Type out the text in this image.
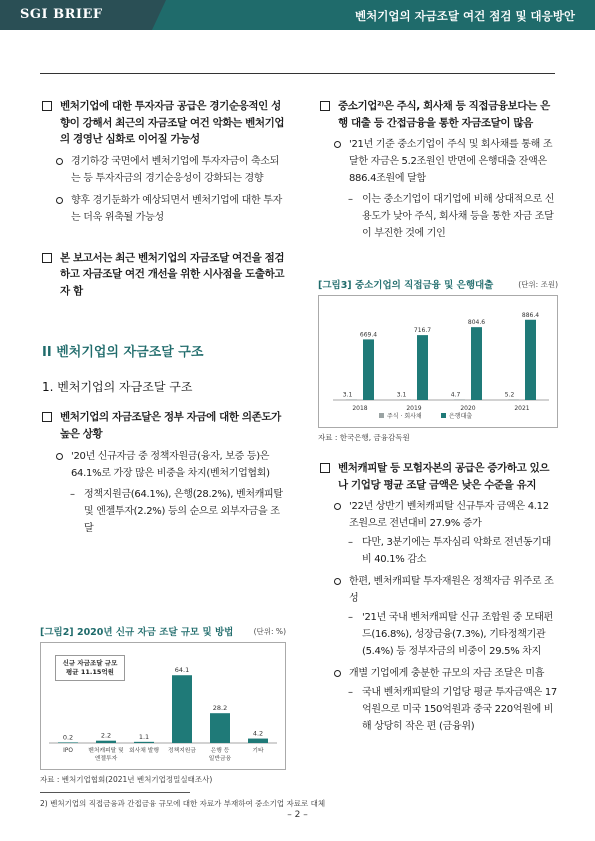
SGI BRIEF	벤처기업의 자금조달 여건 점검 및 대응방안
벤처기업에 대한 투자자금 공급은 경기순응적인 성향이 강해서 최근의 자금조달 여건 악화는 벤처기업의 경영난 심화로 이어질 가능성
경기하강 국면에서 벤처기업에 투자자금이 축소되는 등 투자자금의 경기순응성이 강화되는 경향
향후 경기둔화가 예상되면서 벤처기업에 대한 투자는 더욱 위축될 가능성
본 보고서는 최근 벤처기업의 자금조달 여건을 점검하고 자금조달 여건 개선을 위한 시사점을 도출하고자 함
II 벤처기업의 자금조달 구조
1. 벤처기업의 자금조달 구조
벤처기업의 자금조달은 정부 자금에 대한 의존도가 높은 상황
'20년 신규자금 중 정책자원금(융자, 보증 등)은 64.1%로 가장 많은 비중을 차지(벤처기업협회)
– 정책지원금(64.1%), 은행(28.2%), 벤처캐피탈 및 엔젤투자(2.2%) 등의 순으로 외부자금을 조달
[그림2] 2020년 신규 자금 조달 규모 및 방법	(단위: %)
0.2
IPO
2.2
벤처캐피탈 및
엔젤투자
1.1
회사채 발행
64.1
정책지원금
28.2
은행 등
일반금융
4.2
기타
신규 자금조달 규모
평균 11.15억원
자료 : 벤처기업협회(2021년 벤처기업정밀실태조사)
중소기업²⁾은 주식, 회사채 등 직접금융보다는 은행 대출 등 간접금융을 통한 자금조달이 많음
'21년 기준 중소기업이 주식 및 회사채를 통해 조달한 자금은 5.2조원인 반면에 은행대출 잔액은 886.4조원에 달함
– 이는 중소기업이 대기업에 비해 상대적으로 신용도가 낮아 주식, 회사채 등을 통한 자금 조달이 부진한 것에 기인
[그림3] 중소기업의 직접금융 및 은행대출	(단위: 조원)
3.1
669.4
2018
3.1
716.7
2019
4.7
804.6
2020
5.2
886.4
2021
주식 · 회사채	은행대출
자료 : 한국은행, 금융감독원
벤처캐피탈 등 모험자본의 공급은 증가하고 있으나 기업당 평균 조달 금액은 낮은 수준을 유지
'22년 상반기 벤처캐피탈 신규투자 금액은 4.12조원으로 전년대비 27.9% 증가
– 다만, 3분기에는 투자심리 악화로 전년동기대비 40.1% 감소
한편, 벤처캐피탈 투자재원은 정책자금 위주로 조성
– '21년 국내 벤처캐피탈 신규 조합원 중 모태펀드(16.8%), 성장금융(7.3%), 기타정책기관(5.4%) 등 정부자금의 비중이 29.5% 차지
개별 기업에게 충분한 규모의 자금 조달은 미흡
– 국내 벤처캐피탈의 기업당 평균 투자금액은 17억원으로 미국 150억원과 중국 220억원에 비해 상당히 작은 편 (금융위)
2) 벤처기업의 직접금융과 간접금융 규모에 대한 자료가 부재하여 중소기업 자료로 대체
– 2 –
